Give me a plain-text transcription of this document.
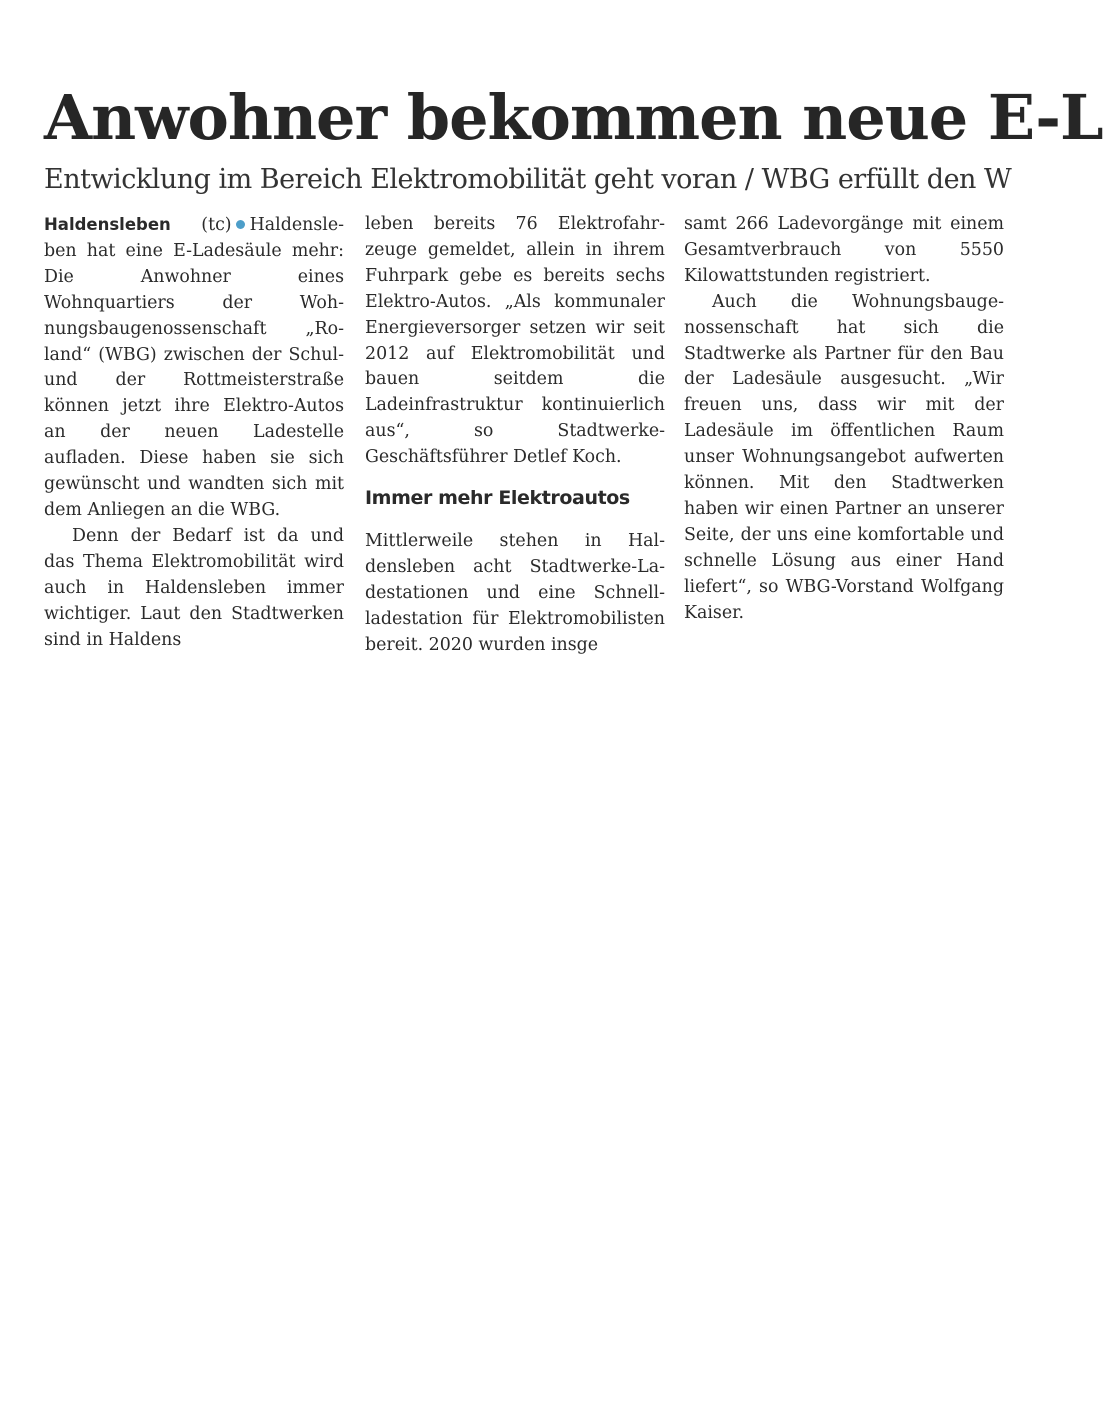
Anwohner bekommen neue E-L
Entwicklung im Bereich Elektromobilität geht voran / WBG erfüllt den W

Haldensleben (tc) Haldensleben hat eine E-Ladesäule mehr: Die Anwohner eines Wohnquartiers der Wohnungsbaugenossenschaft „Roland“ (WBG) zwischen der Schul- und der Rottmeisterstraße können jetzt ihre Elektro-Autos an der neuen Ladestelle aufladen. Diese haben sie sich gewünscht und wandten sich mit dem Anliegen an die WBG.

Denn der Bedarf ist da und das Thema Elektromobilität wird auch in Haldensleben immer wichtiger. Laut den Stadtwerken sind in Haldens

leben bereits 76 Elektrofahrzeuge gemeldet, allein in ihrem Fuhrpark gebe es bereits sechs Elektro-Autos. „Als kommunaler Energieversorger setzen wir seit 2012 auf Elektromobilität und bauen seitdem die Ladeinfrastruktur kontinuierlich aus“, so Stadtwerke-Geschäftsführer Detlef Koch.

Immer mehr Elektroautos

Mittlerweile stehen in Haldensleben acht Stadtwerke-Ladestationen und eine Schnellladestation für Elektromobilisten bereit. 2020 wurden insge

samt 266 Ladevorgänge mit einem Gesamtverbrauch von 5550 Kilowattstunden registriert.

Auch die Wohnungsbaugenossenschaft hat sich die Stadtwerke als Partner für den Bau der Ladesäule ausgesucht. „Wir freuen uns, dass wir mit der Ladesäule im öffentlichen Raum unser Wohnungsangebot aufwerten können. Mit den Stadtwerken haben wir einen Partner an unserer Seite, der uns eine komfortable und schnelle Lösung aus einer Hand liefert“, so WBG-Vorstand Wolfgang Kaiser.
